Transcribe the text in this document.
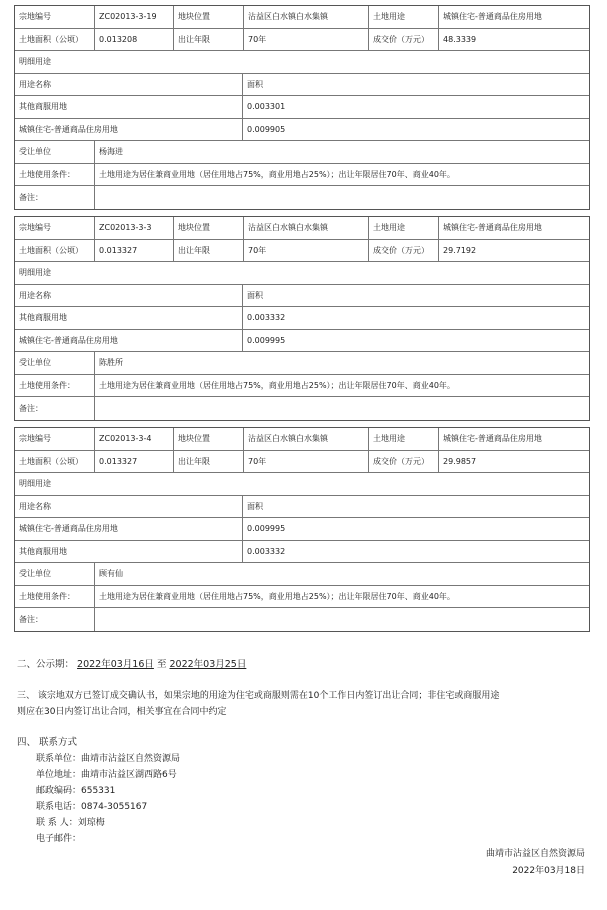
宗地编号	ZC02013-3-19	地块位置	沾益区白水镇白水集镇	土地用途	城镇住宅-普通商品住房用地
土地面积（公顷）	0.013208	出让年限	70年	成交价（万元）	48.3339
明细用途
用途名称	面积
其他商服用地	0.003301
城镇住宅-普通商品住房用地	0.009905
受让单位	杨海进
土地使用条件：	土地用途为居住兼商业用地（居住用地占75%，商业用地占25%）；出让年限居住70年、商业40年。
备注：
宗地编号	ZC02013-3-3	地块位置	沾益区白水镇白水集镇	土地用途	城镇住宅-普通商品住房用地
土地面积（公顷）	0.013327	出让年限	70年	成交价（万元）	29.7192
明细用途
用途名称	面积
其他商服用地	0.003332
城镇住宅-普通商品住房用地	0.009995
受让单位	陈胜所
土地使用条件：	土地用途为居住兼商业用地（居住用地占75%，商业用地占25%）；出让年限居住70年、商业40年。
备注：
宗地编号	ZC02013-3-4	地块位置	沾益区白水镇白水集镇	土地用途	城镇住宅-普通商品住房用地
土地面积（公顷）	0.013327	出让年限	70年	成交价（万元）	29.9857
明细用途
用途名称	面积
城镇住宅-普通商品住房用地	0.009995
其他商服用地	0.003332
受让单位	顾有仙
土地使用条件：	土地用途为居住兼商业用地（居住用地占75%，商业用地占25%）；出让年限居住70年、商业40年。
备注：
二、公示期： 2022年03月16日 至 2022年03月25日
三、 该宗地双方已签订成交确认书，如果宗地的用途为住宅或商服则需在10个工作日内签订出让合同；非住宅或商服用途
则应在30日内签订出让合同，相关事宜在合同中约定
四、 联系方式
联系单位：曲靖市沾益区自然资源局
单位地址：曲靖市沾益区湖西路6号
邮政编码：655331
联系电话：0874-3055167
联 系 人：刘琼梅
电子邮件：
曲靖市沾益区自然资源局
2022年03月18日
